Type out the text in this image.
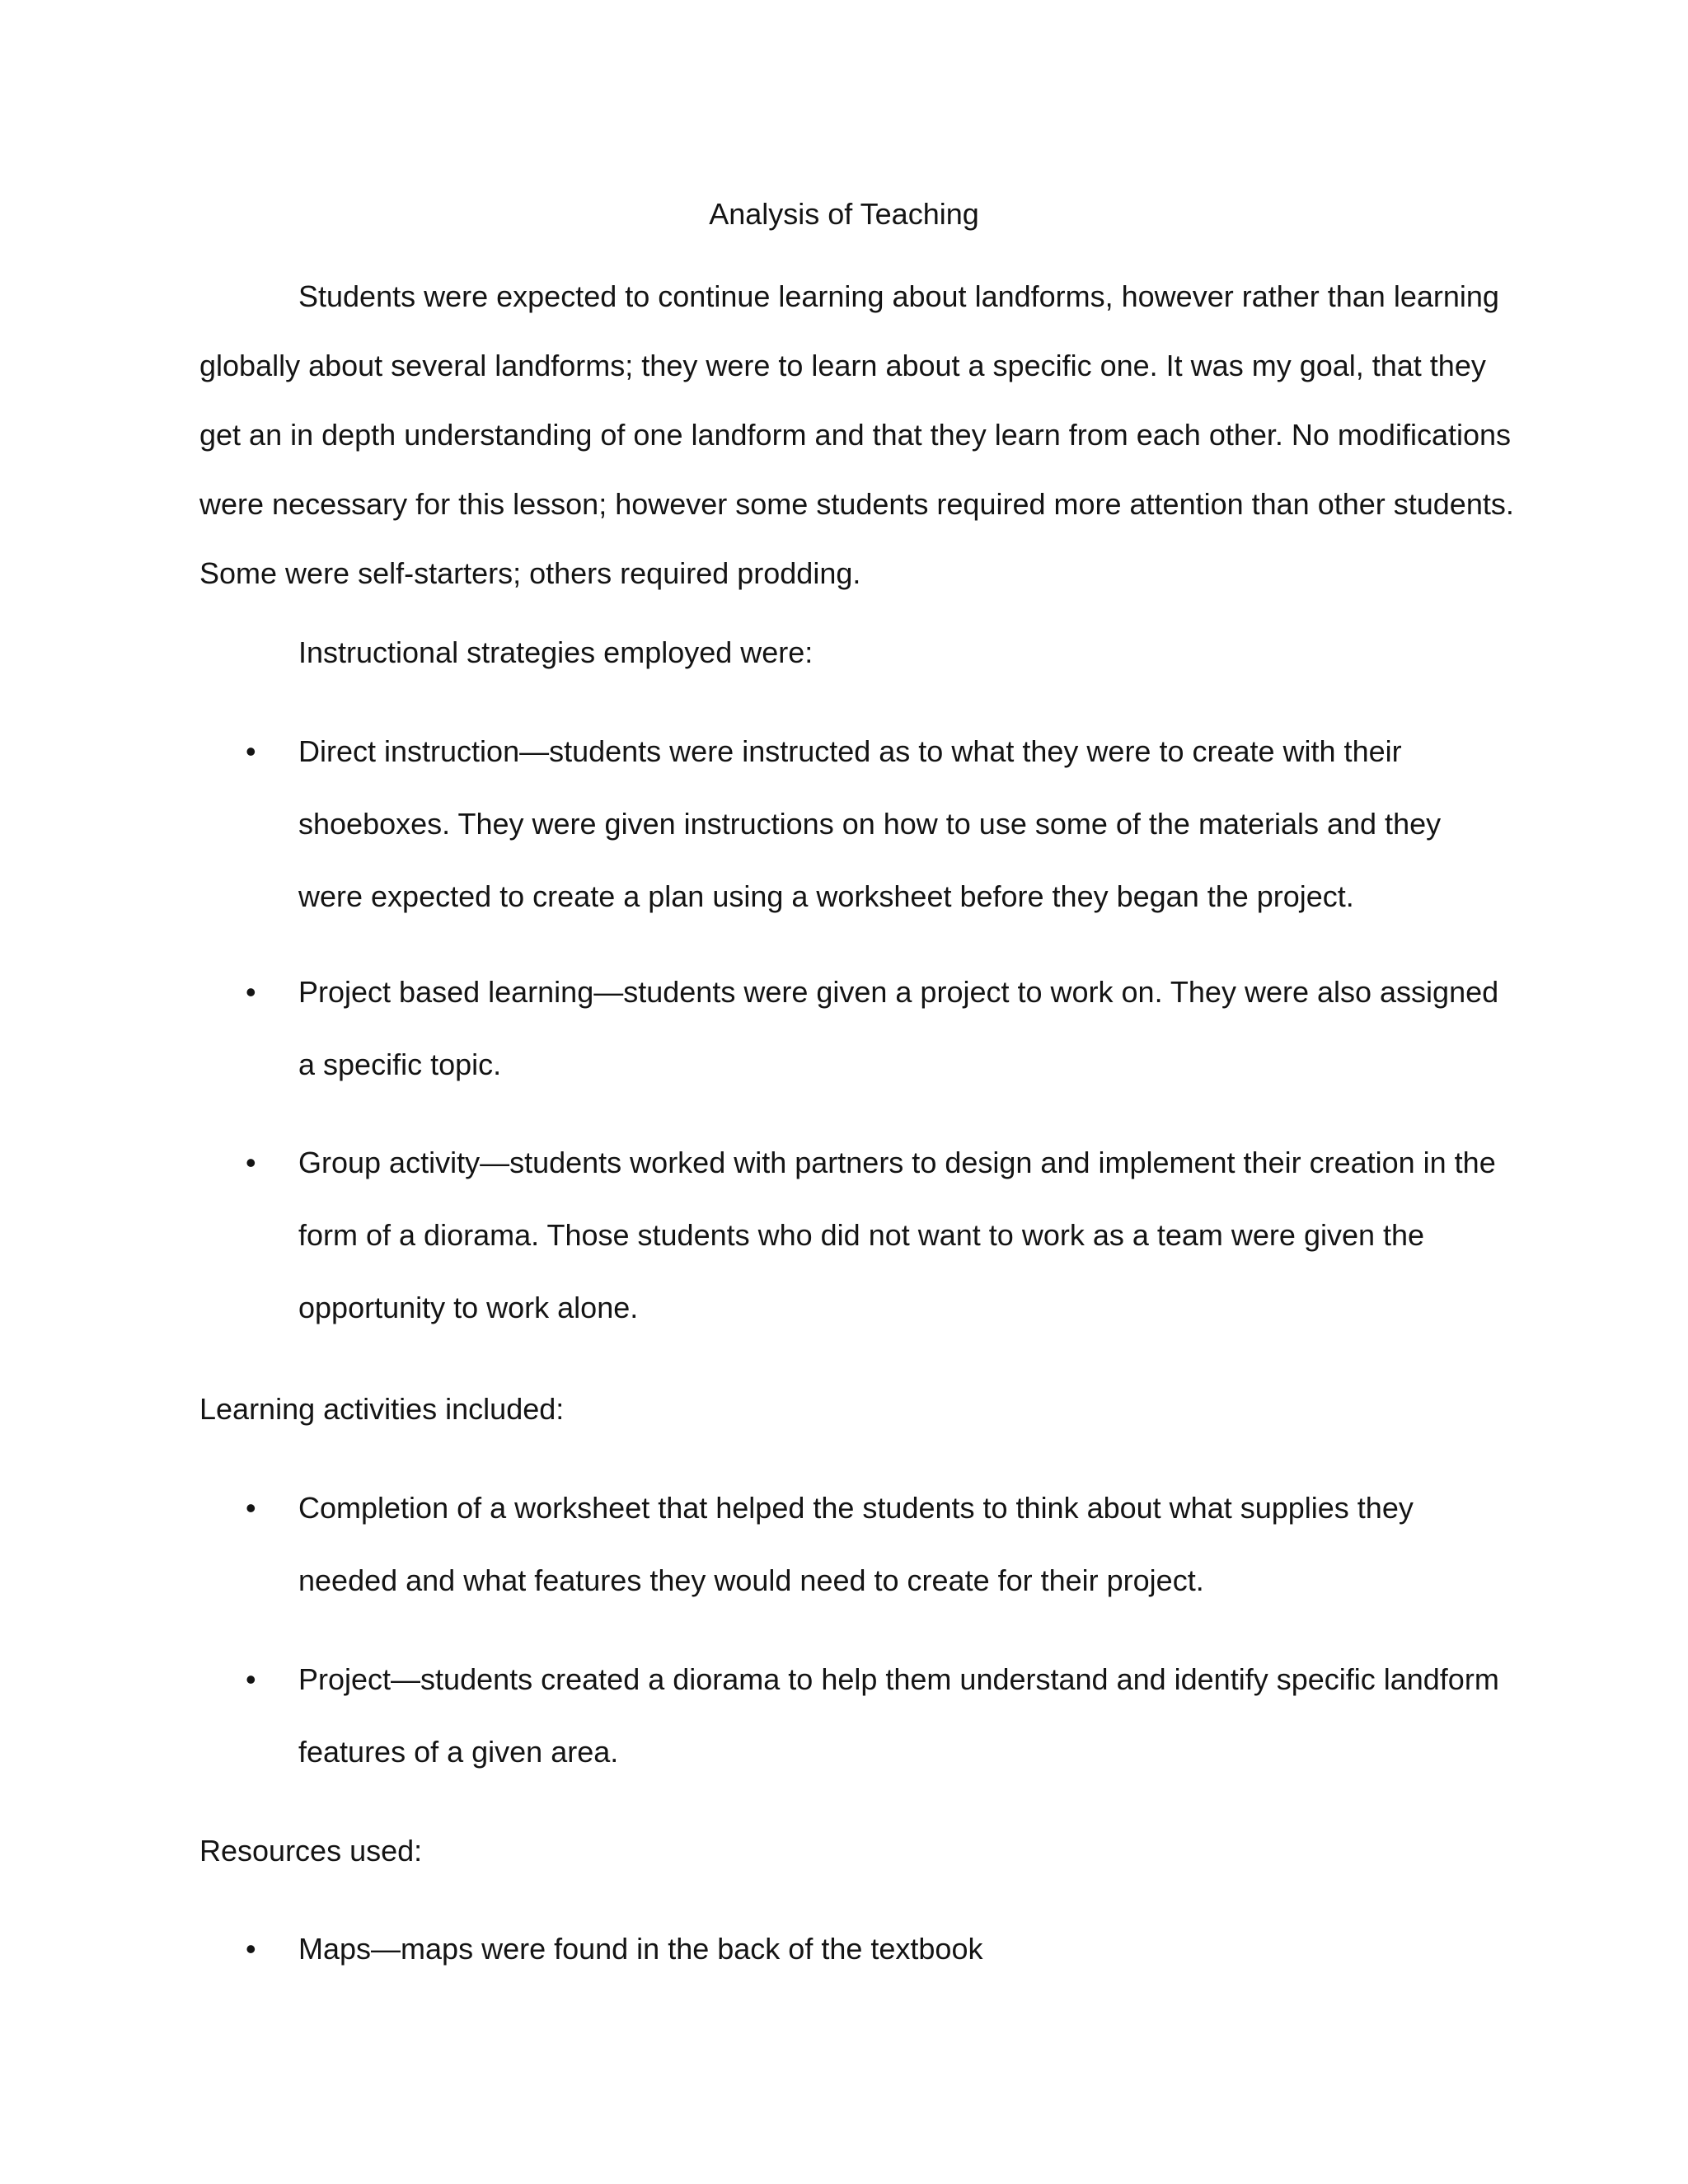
Analysis of Teaching

Students were expected to continue learning about landforms, however rather than learning globally about several landforms; they were to learn about a specific one. It was my goal, that they get an in depth understanding of one landform and that they learn from each other. No modifications were necessary for this lesson; however some students required more attention than other students. Some were self-starters; others required prodding.

Instructional strategies employed were:

• Direct instruction—students were instructed as to what they were to create with their shoeboxes. They were given instructions on how to use some of the materials and they were expected to create a plan using a worksheet before they began the project.

• Project based learning—students were given a project to work on. They were also assigned a specific topic.

• Group activity—students worked with partners to design and implement their creation in the form of a diorama. Those students who did not want to work as a team were given the opportunity to work alone.

Learning activities included:

• Completion of a worksheet that helped the students to think about what supplies they needed and what features they would need to create for their project.

• Project—students created a diorama to help them understand and identify specific landform features of a given area.

Resources used:

• Maps—maps were found in the back of the textbook
